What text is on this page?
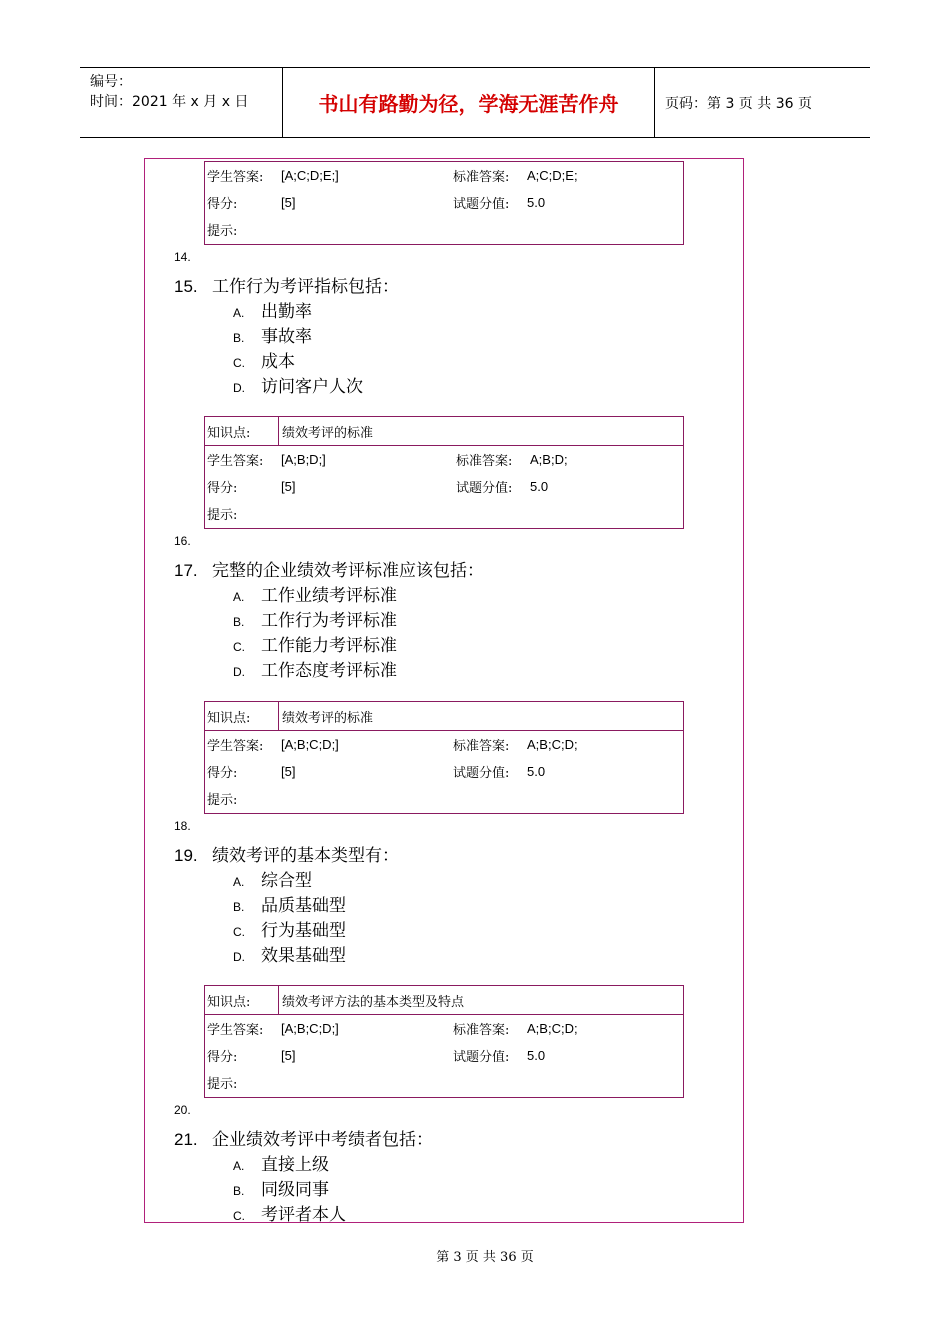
编号：
时间：2021 年 x 月 x 日	书山有路勤为径，学海无涯苦作舟	页码：第 3 页 共 36 页
学生答案: [A;C;D;E;]	标准答案: A;C;D;E;
得分:	[5]	试题分值: 5.0
提示:
14.
15. 工作行为考评指标包括：
A. 出勤率
B. 事故率
C. 成本
D. 访问客户人次
知识点:	绩效考评的标准
学生答案: [A;B;D;]	标准答案: A;B;D;
得分:	[5]	试题分值: 5.0
提示:
16.
17. 完整的企业绩效考评标准应该包括：
A. 工作业绩考评标准
B. 工作行为考评标准
C. 工作能力考评标准
D. 工作态度考评标准
知识点:	绩效考评的标准
学生答案: [A;B;C;D;]	标准答案: A;B;C;D;
得分:	[5]	试题分值: 5.0
提示:
18.
19. 绩效考评的基本类型有：
A. 综合型
B. 品质基础型
C. 行为基础型
D. 效果基础型
知识点:	绩效考评方法的基本类型及特点
学生答案: [A;B;C;D;]	标准答案: A;B;C;D;
得分:	[5]	试题分值: 5.0
提示:
20.
21. 企业绩效考评中考绩者包括：
A. 直接上级
B. 同级同事
C. 考评者本人
第 3 页 共 36 页
